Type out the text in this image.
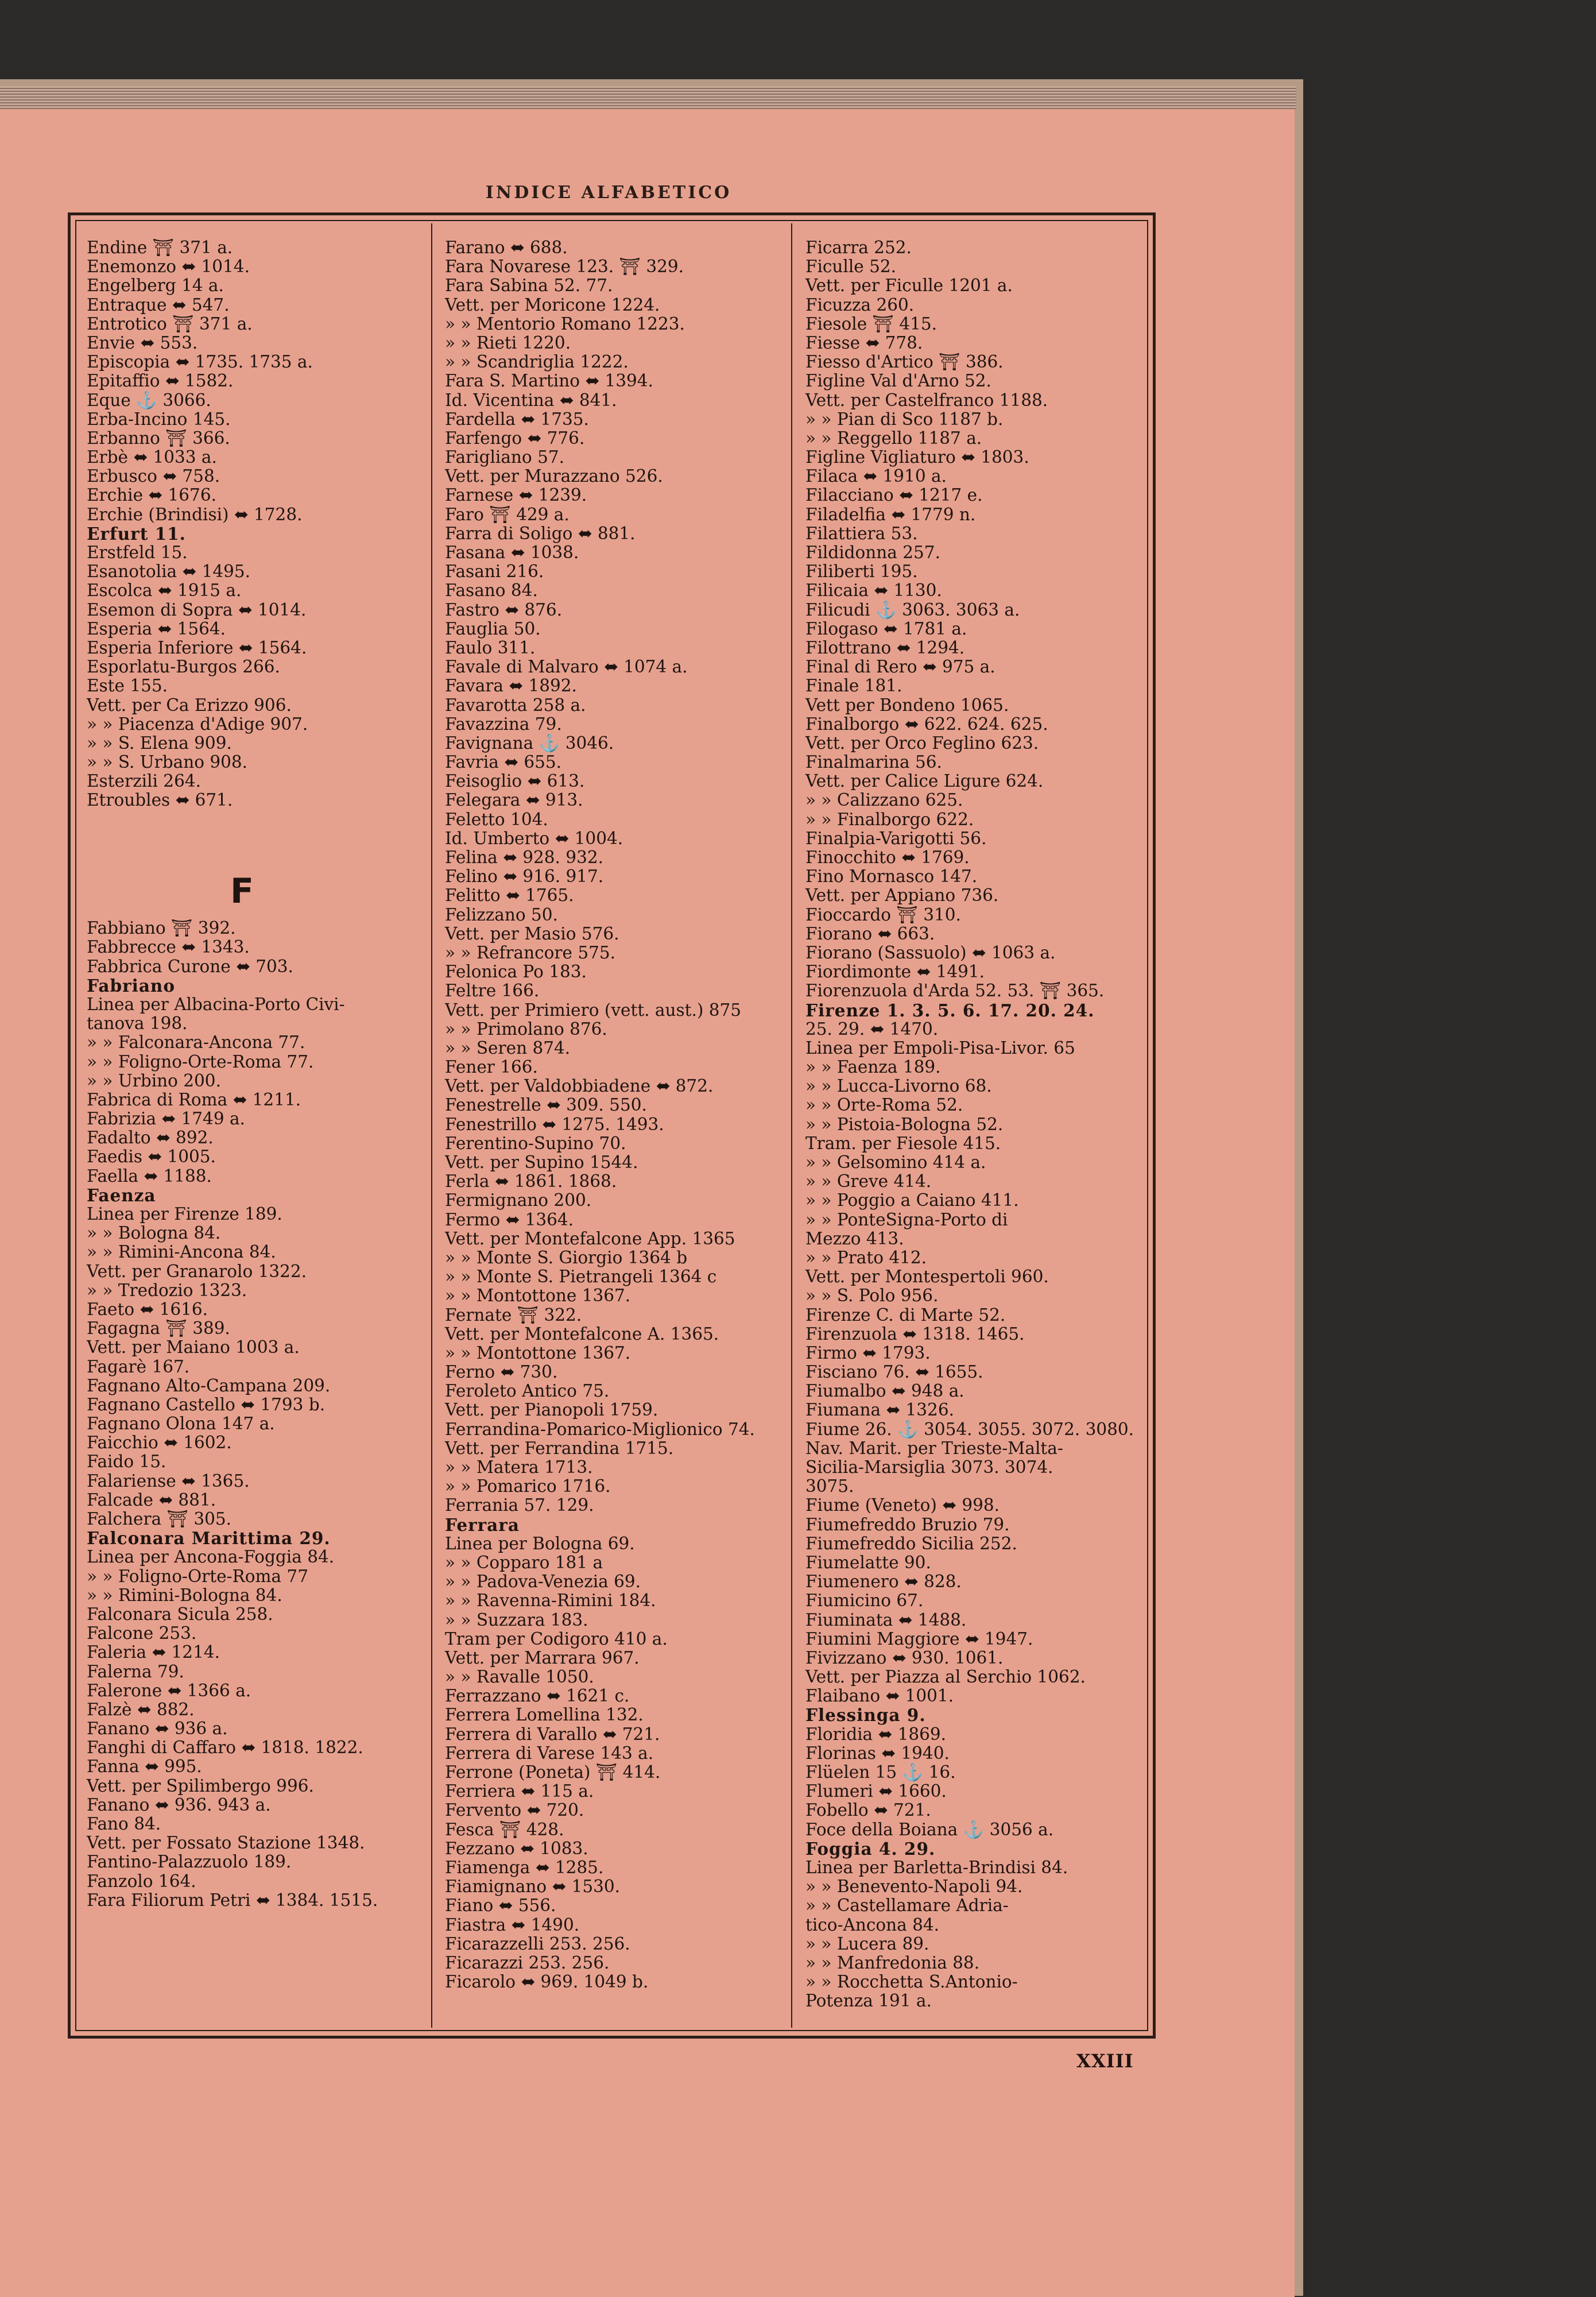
INDICE ALFABETICO
Endine ⛩ 371 a.
Enemonzo ⬌ 1014.
Engelberg 14 a.
Entraque ⬌ 547.
Entrotico ⛩ 371 a.
Envie ⬌ 553.
Episcopia ⬌ 1735. 1735 a.
Epitaffio ⬌ 1582.
Eque ⚓ 3066.
Erba-Incino 145.
Erbanno ⛩ 366.
Erbè ⬌ 1033 a.
Erbusco ⬌ 758.
Erchie ⬌ 1676.
Erchie (Brindisi) ⬌ 1728.
Erfurt 11.
Erstfeld 15.
Esanotolia ⬌ 1495.
Escolca ⬌ 1915 a.
Esemon di Sopra ⬌ 1014.
Esperia ⬌ 1564.
Esperia Inferiore ⬌ 1564.
Esporlatu-Burgos 266.
Este 155.
Vett. per Ca Erizzo 906.
» » Piacenza d'Adige 907.
» » S. Elena 909.
» » S. Urbano 908.
Esterzili 264.
Etroubles ⬌ 671.
F
Fabbiano ⛩ 392.
Fabbrecce ⬌ 1343.
Fabbrica Curone ⬌ 703.
Fabriano
Linea per Albacina-Porto Civi-
tanova 198.
» » Falconara-Ancona 77.
» » Foligno-Orte-Roma 77.
» » Urbino 200.
Fabrica di Roma ⬌ 1211.
Fabrizia ⬌ 1749 a.
Fadalto ⬌ 892.
Faedis ⬌ 1005.
Faella ⬌ 1188.
Faenza
Linea per Firenze 189.
» » Bologna 84.
» » Rimini-Ancona 84.
Vett. per Granarolo 1322.
» » Tredozio 1323.
Faeto ⬌ 1616.
Fagagna ⛩ 389.
Vett. per Maiano 1003 a.
Fagarè 167.
Fagnano Alto-Campana 209.
Fagnano Castello ⬌ 1793 b.
Fagnano Olona 147 a.
Faicchio ⬌ 1602.
Faido 15.
Falariense ⬌ 1365.
Falcade ⬌ 881.
Falchera ⛩ 305.
Falconara Marittima 29.
Linea per Ancona-Foggia 84.
» » Foligno-Orte-Roma 77
» » Rimini-Bologna 84.
Falconara Sicula 258.
Falcone 253.
Faleria ⬌ 1214.
Falerna 79.
Falerone ⬌ 1366 a.
Falzè ⬌ 882.
Fanano ⬌ 936 a.
Fanghi di Caffaro ⬌ 1818. 1822.
Fanna ⬌ 995.
Vett. per Spilimbergo 996.
Fanano ⬌ 936. 943 a.
Fano 84.
Vett. per Fossato Stazione 1348.
Fantino-Palazzuolo 189.
Fanzolo 164.
Fara Filiorum Petri ⬌ 1384. 1515.
Farano ⬌ 688.
Fara Novarese 123. ⛩ 329.
Fara Sabina 52. 77.
Vett. per Moricone 1224.
» » Mentorio Romano 1223.
» » Rieti 1220.
» » Scandriglia 1222.
Fara S. Martino ⬌ 1394.
Id. Vicentina ⬌ 841.
Fardella ⬌ 1735.
Farfengo ⬌ 776.
Farigliano 57.
Vett. per Murazzano 526.
Farnese ⬌ 1239.
Faro ⛩ 429 a.
Farra di Soligo ⬌ 881.
Fasana ⬌ 1038.
Fasani 216.
Fasano 84.
Fastro ⬌ 876.
Fauglia 50.
Faulo 311.
Favale di Malvaro ⬌ 1074 a.
Favara ⬌ 1892.
Favarotta 258 a.
Favazzina 79.
Favignana ⚓ 3046.
Favria ⬌ 655.
Feisoglio ⬌ 613.
Felegara ⬌ 913.
Feletto 104.
Id. Umberto ⬌ 1004.
Felina ⬌ 928. 932.
Felino ⬌ 916. 917.
Felitto ⬌ 1765.
Felizzano 50.
Vett. per Masio 576.
» » Refrancore 575.
Felonica Po 183.
Feltre 166.
Vett. per Primiero (vett. aust.) 875
» » Primolano 876.
» » Seren 874.
Fener 166.
Vett. per Valdobbiadene ⬌ 872.
Fenestrelle ⬌ 309. 550.
Fenestrillo ⬌ 1275. 1493.
Ferentino-Supino 70.
Vett. per Supino 1544.
Ferla ⬌ 1861. 1868.
Fermignano 200.
Fermo ⬌ 1364.
Vett. per Montefalcone App. 1365
» » Monte S. Giorgio 1364 b
» » Monte S. Pietrangeli 1364 c
» » Montottone 1367.
Fernate ⛩ 322.
Vett. per Montefalcone A. 1365.
» » Montottone 1367.
Ferno ⬌ 730.
Feroleto Antico 75.
Vett. per Pianopoli 1759.
Ferrandina-Pomarico-Miglionico 74.
Vett. per Ferrandina 1715.
» » Matera 1713.
» » Pomarico 1716.
Ferrania 57. 129.
Ferrara
Linea per Bologna 69.
» » Copparo 181 a
» » Padova-Venezia 69.
» » Ravenna-Rimini 184.
» » Suzzara 183.
Tram per Codigoro 410 a.
Vett. per Marrara 967.
» » Ravalle 1050.
Ferrazzano ⬌ 1621 c.
Ferrera Lomellina 132.
Ferrera di Varallo ⬌ 721.
Ferrera di Varese 143 a.
Ferrone (Poneta) ⛩ 414.
Ferriera ⬌ 115 a.
Fervento ⬌ 720.
Fesca ⛩ 428.
Fezzano ⬌ 1083.
Fiamenga ⬌ 1285.
Fiamignano ⬌ 1530.
Fiano ⬌ 556.
Fiastra ⬌ 1490.
Ficarazzelli 253. 256.
Ficarazzi 253. 256.
Ficarolo ⬌ 969. 1049 b.
Ficarra 252.
Ficulle 52.
Vett. per Ficulle 1201 a.
Ficuzza 260.
Fiesole ⛩ 415.
Fiesse ⬌ 778.
Fiesso d'Artico ⛩ 386.
Figline Val d'Arno 52.
Vett. per Castelfranco 1188.
» » Pian di Sco 1187 b.
» » Reggello 1187 a.
Figline Vigliaturo ⬌ 1803.
Filaca ⬌ 1910 a.
Filacciano ⬌ 1217 e.
Filadelfia ⬌ 1779 n.
Filattiera 53.
Fildidonna 257.
Filiberti 195.
Filicaia ⬌ 1130.
Filicudi ⚓ 3063. 3063 a.
Filogaso ⬌ 1781 a.
Filottrano ⬌ 1294.
Final di Rero ⬌ 975 a.
Finale 181.
Vett per Bondeno 1065.
Finalborgo ⬌ 622. 624. 625.
Vett. per Orco Feglino 623.
Finalmarina 56.
Vett. per Calice Ligure 624.
» » Calizzano 625.
» » Finalborgo 622.
Finalpia-Varigotti 56.
Finocchito ⬌ 1769.
Fino Mornasco 147.
Vett. per Appiano 736.
Fioccardo ⛩ 310.
Fiorano ⬌ 663.
Fiorano (Sassuolo) ⬌ 1063 a.
Fiordimonte ⬌ 1491.
Fiorenzuola d'Arda 52. 53. ⛩ 365.
Firenze 1. 3. 5. 6. 17. 20. 24.
25. 29. ⬌ 1470.
Linea per Empoli-Pisa-Livor. 65
» » Faenza 189.
» » Lucca-Livorno 68.
» » Orte-Roma 52.
» » Pistoia-Bologna 52.
Tram. per Fiesole 415.
» » Gelsomino 414 a.
» » Greve 414.
» » Poggio a Caiano 411.
» » PonteSigna-Porto di
Mezzo 413.
» » Prato 412.
Vett. per Montespertoli 960.
» » S. Polo 956.
Firenze C. di Marte 52.
Firenzuola ⬌ 1318. 1465.
Firmo ⬌ 1793.
Fisciano 76. ⬌ 1655.
Fiumalbo ⬌ 948 a.
Fiumana ⬌ 1326.
Fiume 26. ⚓ 3054. 3055. 3072. 3080.
Nav. Marit. per Trieste-Malta-
Sicilia-Marsiglia 3073. 3074.
3075.
Fiume (Veneto) ⬌ 998.
Fiumefreddo Bruzio 79.
Fiumefreddo Sicilia 252.
Fiumelatte 90.
Fiumenero ⬌ 828.
Fiumicino 67.
Fiuminata ⬌ 1488.
Fiumini Maggiore ⬌ 1947.
Fivizzano ⬌ 930. 1061.
Vett. per Piazza al Serchio 1062.
Flaibano ⬌ 1001.
Flessinga 9.
Floridia ⬌ 1869.
Florinas ⬌ 1940.
Flüelen 15 ⚓ 16.
Flumeri ⬌ 1660.
Fobello ⬌ 721.
Foce della Boiana ⚓ 3056 a.
Foggia 4. 29.
Linea per Barletta-Brindisi 84.
» » Benevento-Napoli 94.
» » Castellamare Adria-
tico-Ancona 84.
» » Lucera 89.
» » Manfredonia 88.
» » Rocchetta S.Antonio-
Potenza 191 a.
XXIII
